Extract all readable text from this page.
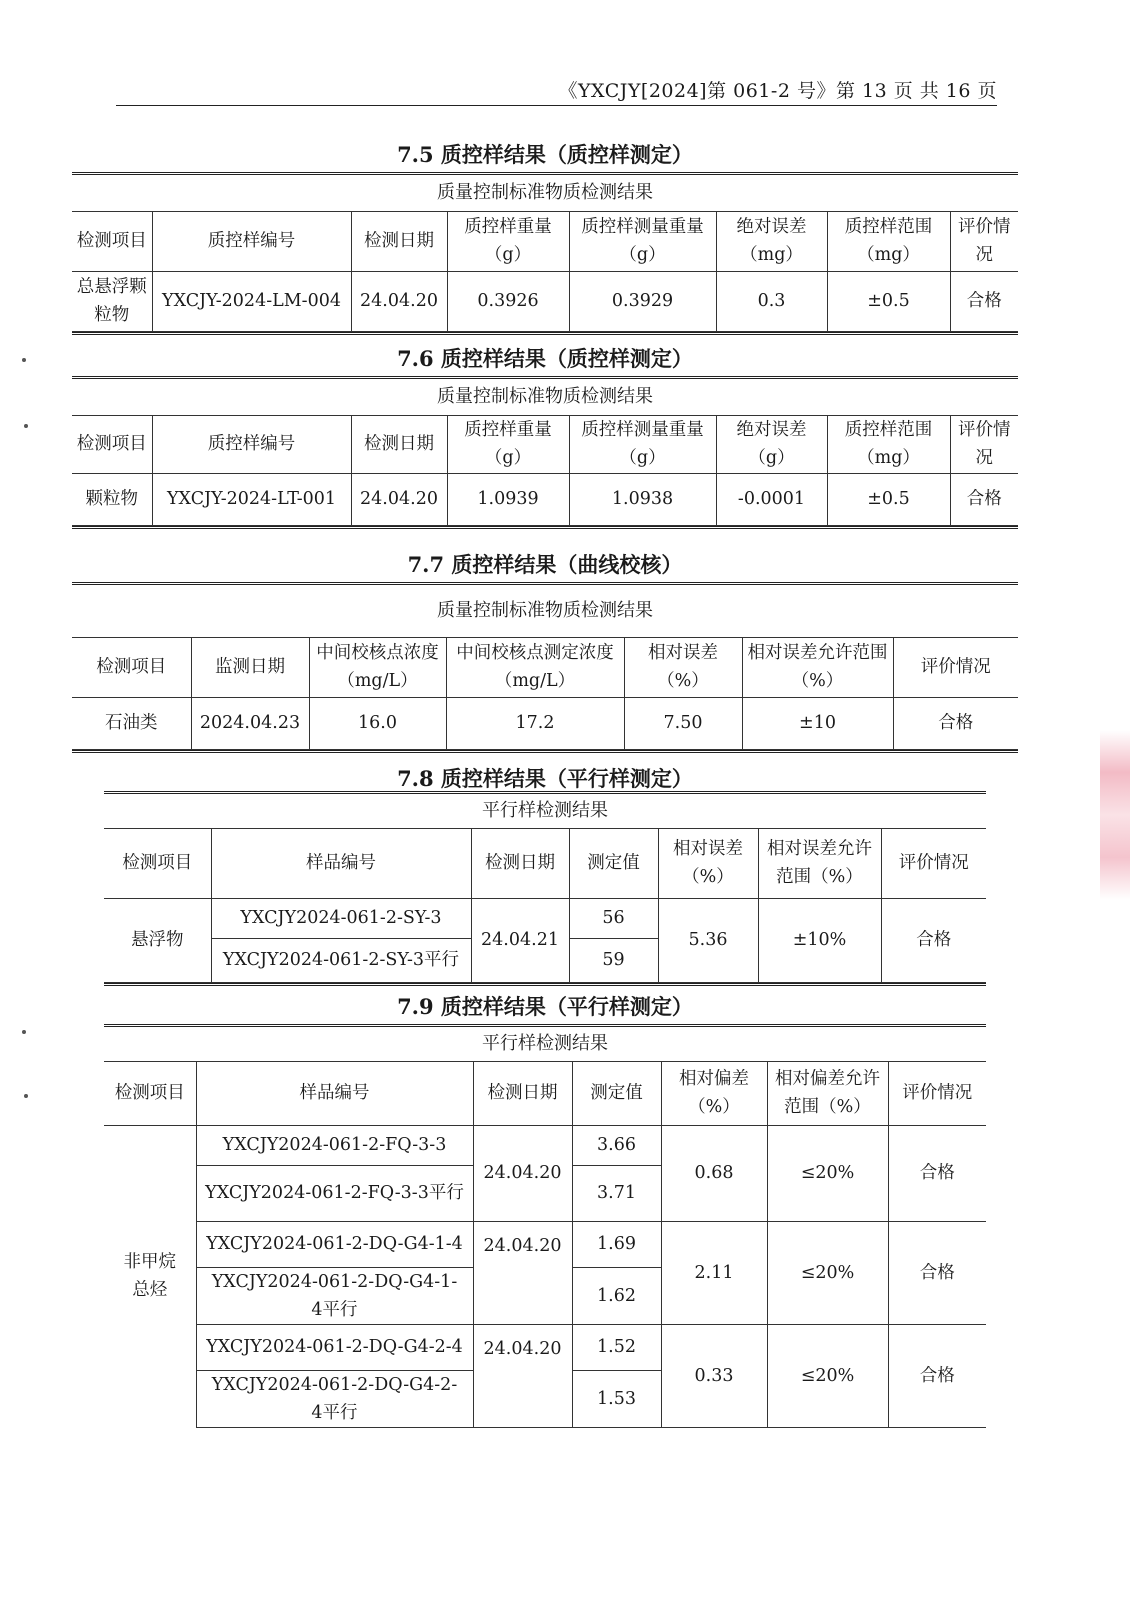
《YXCJY[2024]第 061-2 号》第 13 页 共 16 页
7.5 质控样结果（质控样测定）
质量控制标准物质检测结果							
检测项目	质控样编号	检测日期	质控样重量（g）	质控样测量重量（g）	绝对误差（mg）	质控样范围（mg）	评价情况
总悬浮颗粒物	YXCJY-2024-LM-004	24.04.20	0.3926	0.3929	0.3	±0.5	合格
7.6 质控样结果（质控样测定）
质量控制标准物质检测结果							
检测项目	质控样编号	检测日期	质控样重量（g）	质控样测量重量（g）	绝对误差（g）	质控样范围（mg）	评价情况
颗粒物	YXCJY-2024-LT-001	24.04.20	1.0939	1.0938	-0.0001	±0.5	合格
7.7 质控样结果（曲线校核）
质量控制标准物质检测结果						
检测项目	监测日期	中间校核点浓度（mg/L）	中间校核点测定浓度（mg/L）	相对误差（%）	相对误差允许范围（%）	评价情况
石油类	2024.04.23	16.0	17.2	7.50	±10	合格
7.8 质控样结果（平行样测定）
平行样检测结果						
检测项目	样品编号	检测日期	测定值	相对误差（%）	相对误差允许范围（%）	评价情况
悬浮物	YXCJY2024-061-2-SY-3	24.04.21	56	5.36	±10%	合格
	YXCJY2024-061-2-SY-3平行		59			
7.9 质控样结果（平行样测定）
平行样检测结果						
检测项目	样品编号	检测日期	测定值	相对偏差（%）	相对偏差允许范围（%）	评价情况
非甲烷总烃	YXCJY2024-061-2-FQ-3-3	24.04.20	3.66	0.68	≤20%	合格
	YXCJY2024-061-2-FQ-3-3平行		3.71			
	YXCJY2024-061-2-DQ-G4-1-4	24.04.20	1.69	2.11	≤20%	合格
	YXCJY2024-061-2-DQ-G4-1-4平行		1.62			
	YXCJY2024-061-2-DQ-G4-2-4	24.04.20	1.52	0.33	≤20%	合格
	YXCJY2024-061-2-DQ-G4-2-4平行		1.53			
